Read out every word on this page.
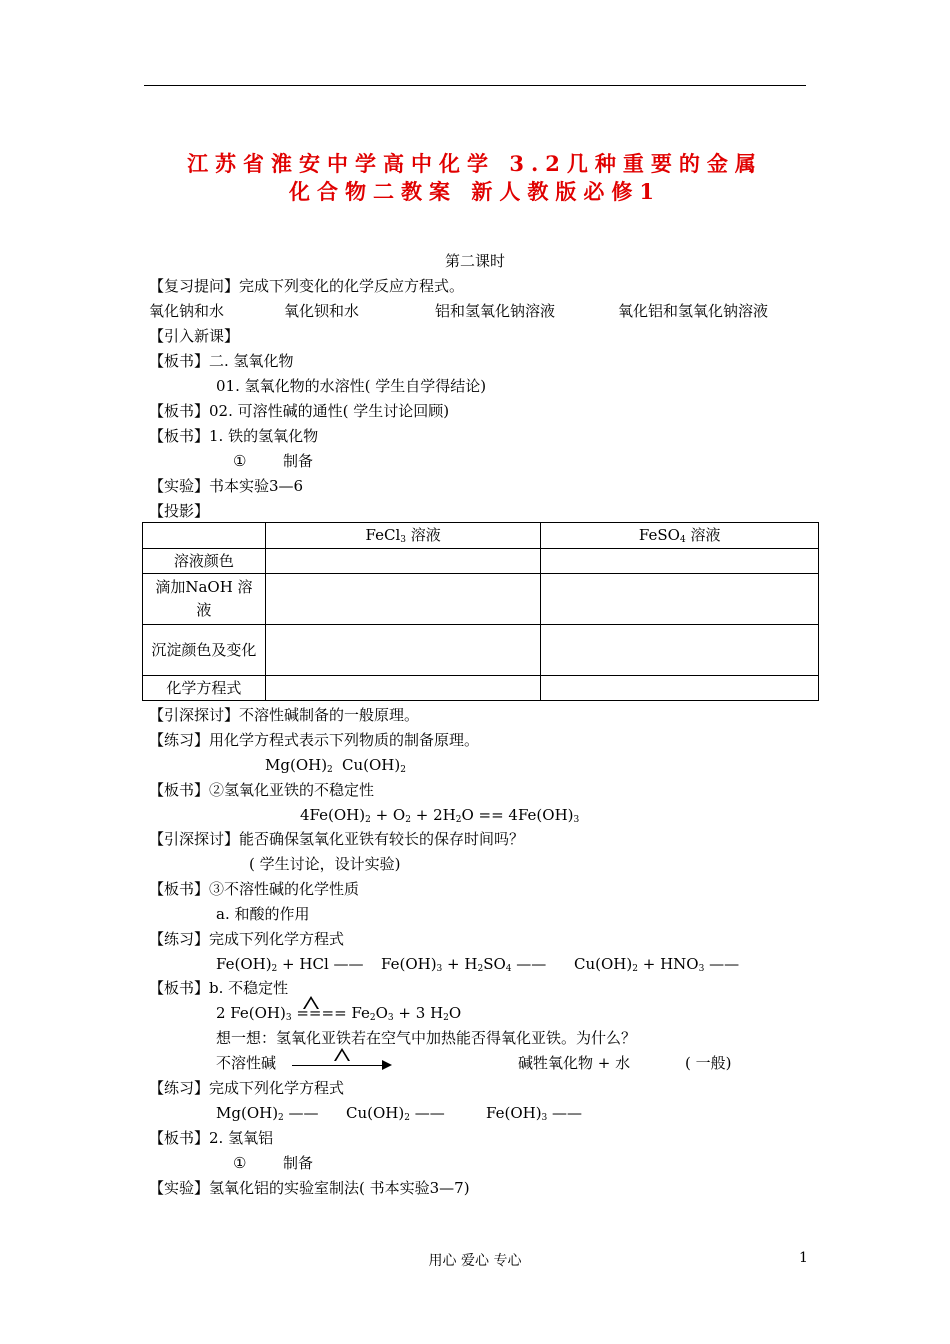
江苏省淮安中学高中化学 3.2几种重要的金属
化合物二教案 新人教版必修1
第二课时
【复习提问】完成下列变化的化学反应方程式。
氧化钠和水	氧化钡和水	铝和氢氧化钠溶液	氧化铝和氢氧化钠溶液
【引入新课】
【板书】二. 氢氧化物
01. 氢氧化物的水溶性( 学生自学得结论)
【板书】02. 可溶性碱的通性( 学生讨论回顾)
【板书】1. 铁的氢氧化物
① 制备
【实验】书本实验3—6
【投影】
	FeCl$_3$ 溶液	FeSO$_4$ 溶液
溶液颜色		
滴加NaOH 溶液		
沉淀颜色及变化		
化学方程式		
【引深探讨】不溶性碱制备的一般原理。
【练习】用化学方程式表示下列物质的制备原理。
$Mg(OH)_2$ $Cu(OH)_2$
【板书】②氢氧化亚铁的不稳定性
$4Fe(OH)_2 + O_2 + 2H_2O == 4Fe(OH)_3$
【引深探讨】能否确保氢氧化亚铁有较长的保存时间吗？
( 学生讨论，设计实验)
【板书】③不溶性碱的化学性质
a. 和酸的作用
【练习】完成下列化学方程式
$Fe(OH)_2$ + HCl —— $Fe(OH)_3 + H_2SO_4$ —— $Cu(OH)_2 + HNO_3$ ——
【板书】b. 不稳定性
2 $Fe(OH)_3$ ==== $Fe_2O_3 + 3$ $H_2O$
想一想：氢氧化亚铁若在空气中加热能否得氧化亚铁。为什么？
不溶性碱	碱牲氧化物 + 水	( 一般)
【练习】完成下列化学方程式
$Mg(OH)_2$ —— $Cu(OH)_2$ ——	$Fe(OH)_3$ ——
【板书】2. 氢氧铝
① 制备
【实验】氢氧化铝的实验室制法( 书本实验3—7)
用心 爱心 专心	1
